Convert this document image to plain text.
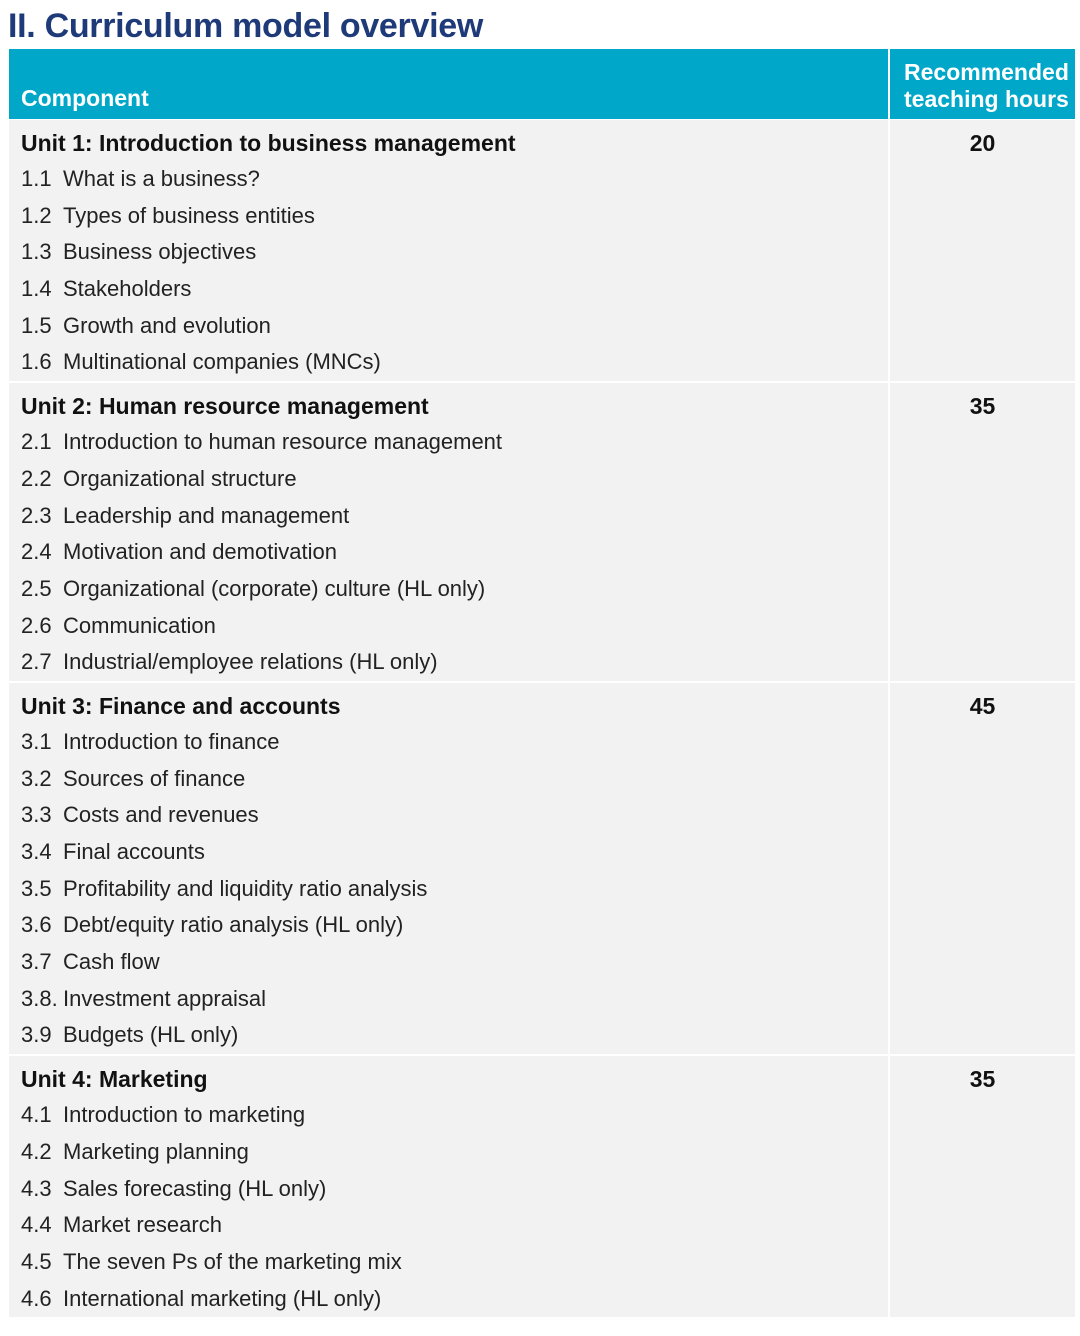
II. Curriculum model overview
Component
Recommended
teaching hours
Unit 1: Introduction to business management
1.1 What is a business?
1.2 Types of business entities
1.3 Business objectives
1.4 Stakeholders
1.5 Growth and evolution
1.6 Multinational companies (MNCs)
20
Unit 2: Human resource management
2.1 Introduction to human resource management
2.2 Organizational structure
2.3 Leadership and management
2.4 Motivation and demotivation
2.5 Organizational (corporate) culture (HL only)
2.6 Communication
2.7 Industrial/employee relations (HL only)
35
Unit 3: Finance and accounts
3.1 Introduction to finance
3.2 Sources of finance
3.3 Costs and revenues
3.4 Final accounts
3.5 Profitability and liquidity ratio analysis
3.6 Debt/equity ratio analysis (HL only)
3.7 Cash flow
3.8. Investment appraisal
3.9 Budgets (HL only)
45
Unit 4: Marketing
4.1 Introduction to marketing
4.2 Marketing planning
4.3 Sales forecasting (HL only)
4.4 Market research
4.5 The seven Ps of the marketing mix
4.6 International marketing (HL only)
35
